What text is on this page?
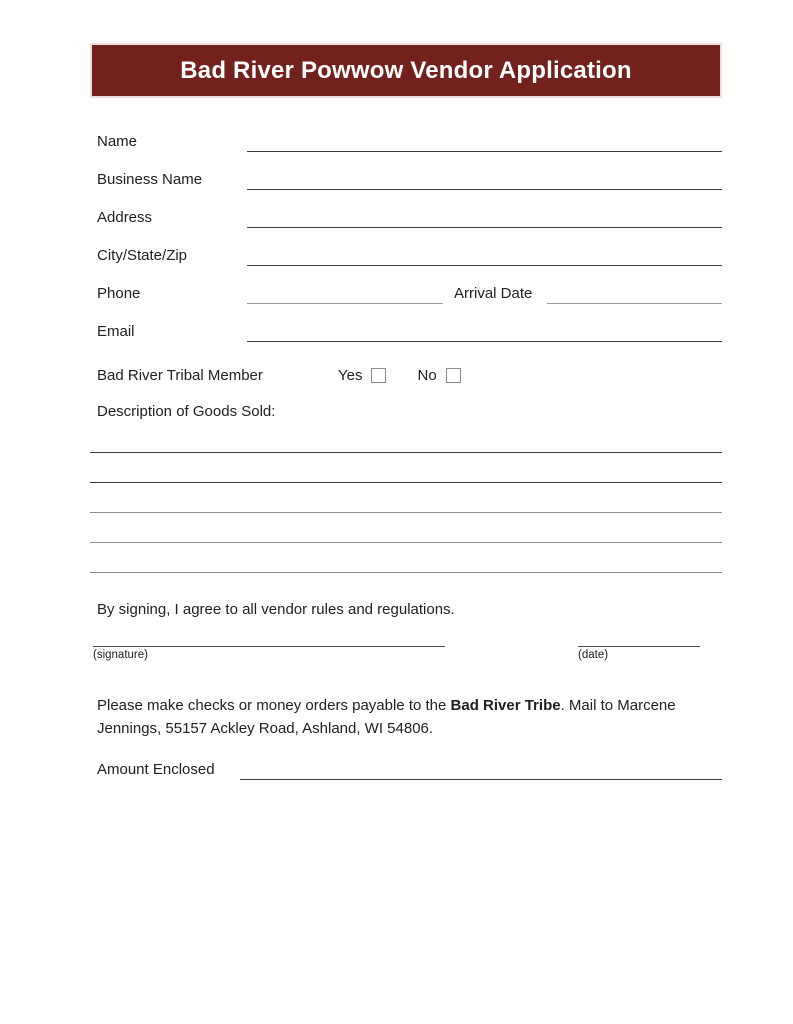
Bad River Powwow Vendor Application
Name
Business Name
Address
City/State/Zip
Phone	Arrival Date
Email
Bad River Tribal Member	Yes	No
Description of Goods Sold:
By signing, I agree to all vendor rules and regulations.
(signature)	(date)
Please make checks or money orders payable to the Bad River Tribe. Mail to Marcene Jennings, 55157 Ackley Road, Ashland, WI 54806.
Amount Enclosed
